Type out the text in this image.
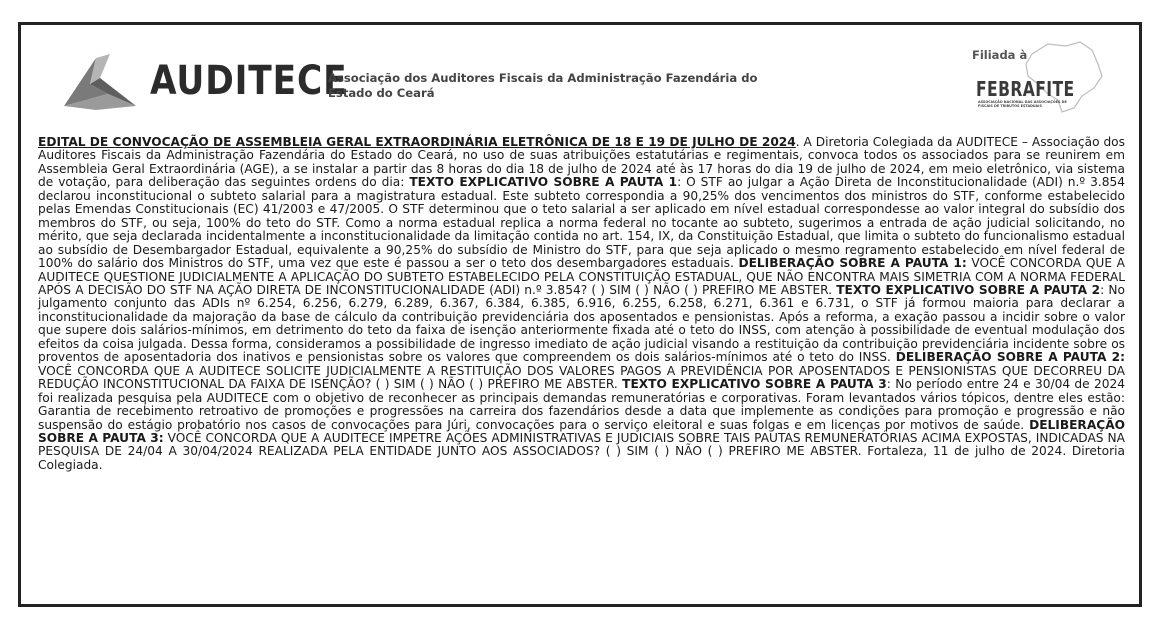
AUDITECE
Associação dos Auditores Fiscais da Administração Fazendária do Estado do Ceará
Filiada à
FEBRAFITE
ASSOCIAÇÃO NACIONAL DAS ASSOCIAÇÕES DE FISCAIS DE TRIBUTOS ESTADUAIS
EDITAL DE CONVOCAÇÃO DE ASSEMBLEIA GERAL EXTRAORDINÁRIA ELETRÔNICA DE 18 E 19 DE JULHO DE 2024. A Diretoria Colegiada da AUDITECE – Associação dos Auditores Fiscais da Administração Fazendária do Estado do Ceará, no uso de suas atribuições estatutárias e regimentais, convoca todos os associados para se reunirem em Assembleia Geral Extraordinária (AGE), a se instalar a partir das 8 horas do dia 18 de julho de 2024 até às 17 horas do dia 19 de julho de 2024, em meio eletrônico, via sistema de votação, para deliberação das seguintes ordens do dia: TEXTO EXPLICATIVO SOBRE A PAUTA 1: O STF ao julgar a Ação Direta de Inconstitucionalidade (ADI) n.º 3.854 declarou inconstitucional o subteto salarial para a magistratura estadual. Este subteto correspondia a 90,25% dos vencimentos dos ministros do STF, conforme estabelecido pelas Emendas Constitucionais (EC) 41/2003 e 47/2005. O STF determinou que o teto salarial a ser aplicado em nível estadual correspondesse ao valor integral do subsídio dos membros do STF, ou seja, 100% do teto do STF. Como a norma estadual replica a norma federal no tocante ao subteto, sugerimos a entrada de ação judicial solicitando, no mérito, que seja declarada incidentalmente a inconstitucionalidade da limitação contida no art. 154, IX, da Constituição Estadual, que limita o subteto do funcionalismo estadual ao subsídio de Desembargador Estadual, equivalente a 90,25% do subsídio de Ministro do STF, para que seja aplicado o mesmo regramento estabelecido em nível federal de 100% do salário dos Ministros do STF, uma vez que este é passou a ser o teto dos desembargadores estaduais. DELIBERAÇÃO SOBRE A PAUTA 1: VOCÊ CONCORDA QUE A AUDITECE QUESTIONE JUDICIALMENTE A APLICAÇÃO DO SUBTETO ESTABELECIDO PELA CONSTITUIÇÃO ESTADUAL, QUE NÃO ENCONTRA MAIS SIMETRIA COM A NORMA FEDERAL APÓS A DECISÃO DO STF NA AÇÃO DIRETA DE INCONSTITUCIONALIDADE (ADI) n.º 3.854? ( ) SIM ( ) NÃO ( ) PREFIRO ME ABSTER. TEXTO EXPLICATIVO SOBRE A PAUTA 2: No julgamento conjunto das ADIs nº 6.254, 6.256, 6.279, 6.289, 6.367, 6.384, 6.385, 6.916, 6.255, 6.258, 6.271, 6.361 e 6.731, o STF já formou maioria para declarar a inconstitucionalidade da majoração da base de cálculo da contribuição previdenciária dos aposentados e pensionistas. Após a reforma, a exação passou a incidir sobre o valor que supere dois salários-mínimos, em detrimento do teto da faixa de isenção anteriormente fixada até o teto do INSS, com atenção à possibilidade de eventual modulação dos efeitos da coisa julgada. Dessa forma, consideramos a possibilidade de ingresso imediato de ação judicial visando a restituição da contribuição previdenciária incidente sobre os proventos de aposentadoria dos inativos e pensionistas sobre os valores que compreendem os dois salários-mínimos até o teto do INSS. DELIBERAÇÃO SOBRE A PAUTA 2: VOCÊ CONCORDA QUE A AUDITECE SOLICITE JUDICIALMENTE A RESTITUIÇÃO DOS VALORES PAGOS A PREVIDÊNCIA POR APOSENTADOS E PENSIONISTAS QUE DECORREU DA REDUÇÃO INCONSTITUCIONAL DA FAIXA DE ISENÇÃO? ( ) SIM ( ) NÃO ( ) PREFIRO ME ABSTER. TEXTO EXPLICATIVO SOBRE A PAUTA 3: No período entre 24 e 30/04 de 2024 foi realizada pesquisa pela AUDITECE com o objetivo de reconhecer as principais demandas remuneratórias e corporativas. Foram levantados vários tópicos, dentre eles estão: Garantia de recebimento retroativo de promoções e progressões na carreira dos fazendários desde a data que implemente as condições para promoção e progressão e não suspensão do estágio probatório nos casos de convocações para Júri, convocações para o serviço eleitoral e suas folgas e em licenças por motivos de saúde. DELIBERAÇÃO SOBRE A PAUTA 3: VOCÊ CONCORDA QUE A AUDITECE IMPETRE AÇÕES ADMINISTRATIVAS E JUDICIAIS SOBRE TAIS PAUTAS REMUNERATÓRIAS ACIMA EXPOSTAS, INDICADAS NA PESQUISA DE 24/04 A 30/04/2024 REALIZADA PELA ENTIDADE JUNTO AOS ASSOCIADOS? ( ) SIM ( ) NÃO ( ) PREFIRO ME ABSTER. Fortaleza, 11 de julho de 2024. Diretoria Colegiada.
